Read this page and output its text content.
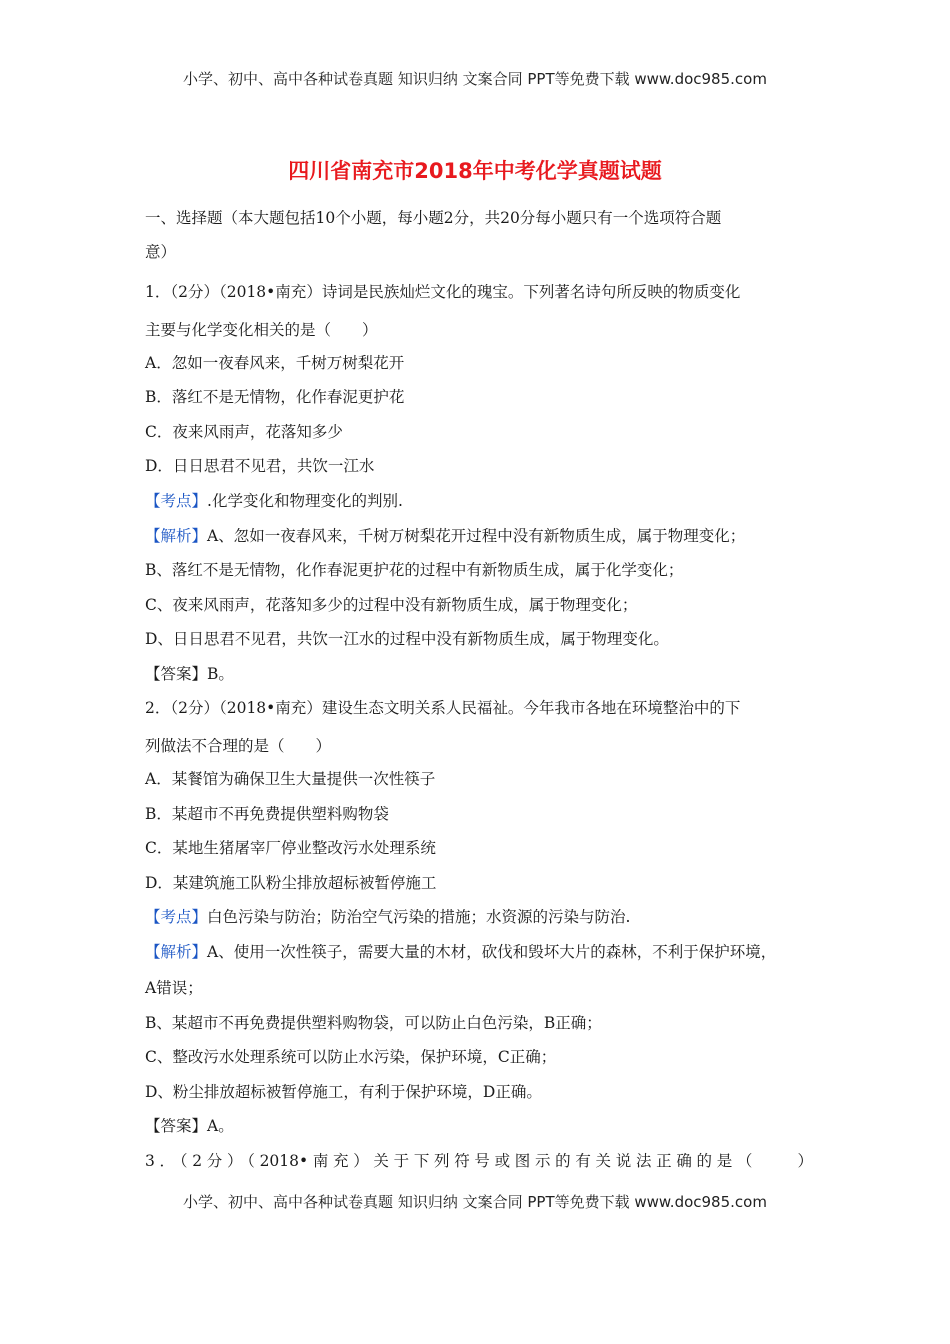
小学、初中、高中各种试卷真题 知识归纳 文案合同 PPT等免费下载 www.doc985.com
四川省南充市2018年中考化学真题试题
一、选择题（本大题包括10个小题，每小题2分，共20分每小题只有一个选项符合题
意）
1．（2分）（2018•南充）诗词是民族灿烂文化的瑰宝。下列著名诗句所反映的物质变化
主要与化学变化相关的是（　　）
A．忽如一夜春风来，千树万树梨花开
B．落红不是无情物，化作春泥更护花
C．夜来风雨声，花落知多少
D．日日思君不见君，共饮一江水
【考点】.化学变化和物理变化的判别.
【解析】A、忽如一夜春风来，千树万树梨花开过程中没有新物质生成，属于物理变化；
B、落红不是无情物，化作春泥更护花的过程中有新物质生成，属于化学变化；
C、夜来风雨声，花落知多少的过程中没有新物质生成，属于物理变化；
D、日日思君不见君，共饮一江水的过程中没有新物质生成，属于物理变化。
【答案】B。
2．（2分）（2018•南充）建设生态文明关系人民福祉。今年我市各地在环境整治中的下
列做法不合理的是（　　）
A．某餐馆为确保卫生大量提供一次性筷子
B．某超市不再免费提供塑料购物袋
C．某地生猪屠宰厂停业整改污水处理系统
D．某建筑施工队粉尘排放超标被暂停施工
【考点】白色污染与防治；防治空气污染的措施；水资源的污染与防治.
【解析】A、使用一次性筷子，需要大量的木材，砍伐和毁坏大片的森林，不利于保护环境，
A错误；
B、某超市不再免费提供塑料购物袋，可以防止白色污染，B正确；
C、整改污水处理系统可以防止水污染，保护环境，C正确；
D、粉尘排放超标被暂停施工，有利于保护环境，D正确。
【答案】A。
3．（2分）（2018•南充）关于下列符号或图示的有关说法正确的是（　　）
小学、初中、高中各种试卷真题 知识归纳 文案合同 PPT等免费下载 www.doc985.com
